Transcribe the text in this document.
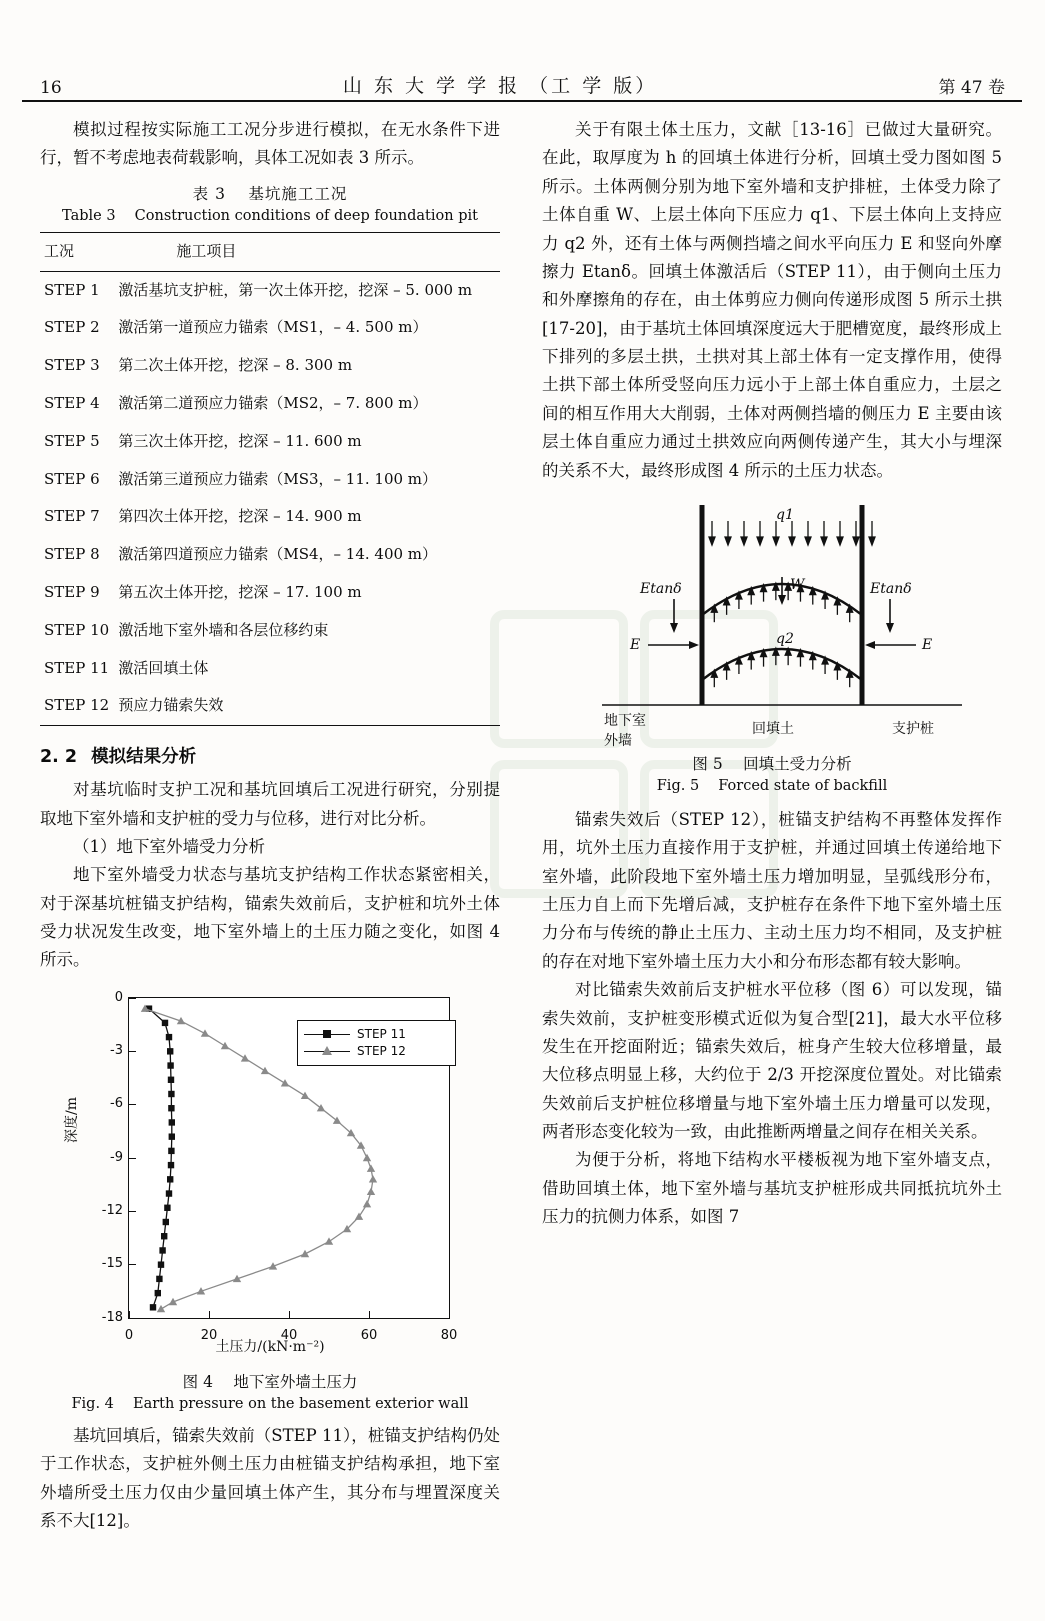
16	山 东 大 学 学 报 （工 学 版）	第 47 卷

模拟过程按实际施工工况分步进行模拟，在无水条件下进行，暂不考虑地表荷载影响，具体工况如表 3 所示。

表 3　 基坑施工工况
Table 3　 Construction conditions of deep foundation pit
工况	施工项目
STEP 1	激活基坑支护桩，第一次土体开挖，挖深 – 5. 000 m
STEP 2	激活第一道预应力锚索（MS1，– 4. 500 m）
STEP 3	第二次土体开挖，挖深 – 8. 300 m
STEP 4	激活第二道预应力锚索（MS2，– 7. 800 m）
STEP 5	第三次土体开挖，挖深 – 11. 600 m
STEP 6	激活第三道预应力锚索（MS3，– 11. 100 m）
STEP 7	第四次土体开挖，挖深 – 14. 900 m
STEP 8	激活第四道预应力锚索（MS4，– 14. 400 m）
STEP 9	第五次土体开挖，挖深 – 17. 100 m
STEP 10	激活地下室外墙和各层位移约束
STEP 11	激活回填土体
STEP 12	预应力锚索失效
2. 2 模拟结果分析

对基坑临时支护工况和基坑回填后工况进行研究，分别提取地下室外墙和支护桩的受力与位移，进行对比分析。

（1）地下室外墙受力分析

地下室外墙受力状态与基坑支护结构工作状态紧密相关，对于深基坑桩锚支护结构，锚索失效前后，支护桩和坑外土体受力状况发生改变，地下室外墙上的土压力随之变化，如图 4 所示。

深度/m
STEP 11
STEP 12
0
-3
-6
-9
-12
-15
-18
0	20	40	60	80
土压力/(kN·m⁻²)
图 4　 地下室外墙土压力
Fig. 4　 Earth pressure on the basement exterior wall

基坑回填后，锚索失效前（STEP 11），桩锚支护结构仍处于工作状态，支护桩外侧土压力由桩锚支护结构承担，地下室外墙所受土压力仅由少量回填土体产生，其分布与埋置深度关系不大[12]。

关于有限土体土压力，文献［13-16］已做过大量研究。在此，取厚度为 h 的回填土体进行分析，回填土受力图如图 5 所示。土体两侧分别为地下室外墙和支护排桩，土体受力除了土体自重 W、上层土体向下压应力 q1、下层土体向上支持应力 q2 外，还有土体与两侧挡墙之间水平向压力 E 和竖向外摩擦力 Etanδ。回填土体激活后（STEP 11），由于侧向土压力和外摩擦角的存在，由土体剪应力侧向传递形成图 5 所示土拱[17-20]，由于基坑土体回填深度远大于肥槽宽度，最终形成上下排列的多层土拱，土拱对其上部土体有一定支撑作用，使得土拱下部土体所受竖向压力远小于上部土体自重应力，土层之间的相互作用大大削弱，土体对两侧挡墙的侧压力 E 主要由该层土体自重应力通过土拱效应向两侧传递产生，其大小与埋深的关系不大，最终形成图 4 所示的土压力状态。

q1
q2
W
E	E
Etanδ	Etanδ
地下室
外墙
回填土	支护桩
图 5　 回填土受力分析
Fig. 5　 Forced state of backfill

锚索失效后（STEP 12），桩锚支护结构不再整体发挥作用，坑外土压力直接作用于支护桩，并通过回填土传递给地下室外墙，此阶段地下室外墙土压力增加明显，呈弧线形分布，土压力自上而下先增后减，支护桩存在条件下地下室外墙土压力分布与传统的静止土压力、主动土压力均不相同，及支护桩的存在对地下室外墙土压力大小和分布形态都有较大影响。

对比锚索失效前后支护桩水平位移（图 6）可以发现，锚索失效前，支护桩变形模式近似为复合型[21]，最大水平位移发生在开挖面附近；锚索失效后，桩身产生较大位移增量，最大位移点明显上移，大约位于 2/3 开挖深度位置处。对比锚索失效前后支护桩位移增量与地下室外墙土压力增量可以发现，两者形态变化较为一致，由此推断两增量之间存在相关关系。

为便于分析，将地下结构水平楼板视为地下室外墙支点，借助回填土体，地下室外墙与基坑支护桩形成共同抵抗坑外土压力的抗侧力体系，如图 7
